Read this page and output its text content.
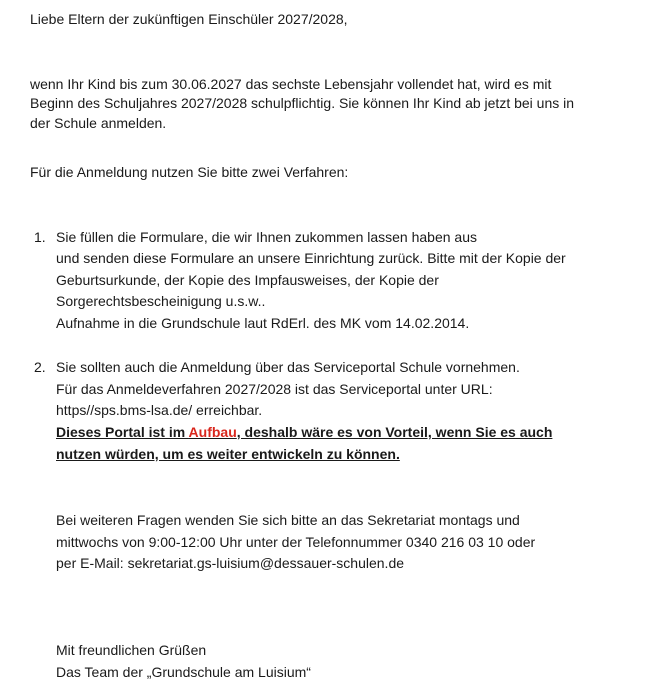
Liebe Eltern der zukünftigen Einschüler 2027/2028,
wenn Ihr Kind bis zum 30.06.2027 das sechste Lebensjahr vollendet hat, wird es mit
Beginn des Schuljahres 2027/2028 schulpflichtig. Sie können Ihr Kind ab jetzt bei uns in
der Schule anmelden.
Für die Anmeldung nutzen Sie bitte zwei Verfahren:
1. Sie füllen die Formulare, die wir Ihnen zukommen lassen haben aus
und senden diese Formulare an unsere Einrichtung zurück. Bitte mit der Kopie der
Geburtsurkunde, der Kopie des Impfausweises, der Kopie der
Sorgerechtsbescheinigung u.s.w..
Aufnahme in die Grundschule laut RdErl. des MK vom 14.02.2014.
2. Sie sollten auch die Anmeldung über das Serviceportal Schule vornehmen.
Für das Anmeldeverfahren 2027/2028 ist das Serviceportal unter URL:
https//sps.bms-lsa.de/ erreichbar.
Dieses Portal ist im Aufbau, deshalb wäre es von Vorteil, wenn Sie es auch
nutzen würden, um es weiter entwickeln zu können.
Bei weiteren Fragen wenden Sie sich bitte an das Sekretariat montags und
mittwochs von 9:00-12:00 Uhr unter der Telefonnummer 0340 216 03 10 oder
per E-Mail: sekretariat.gs-luisium@dessauer-schulen.de
Mit freundlichen Grüßen
Das Team der „Grundschule am Luisium“
